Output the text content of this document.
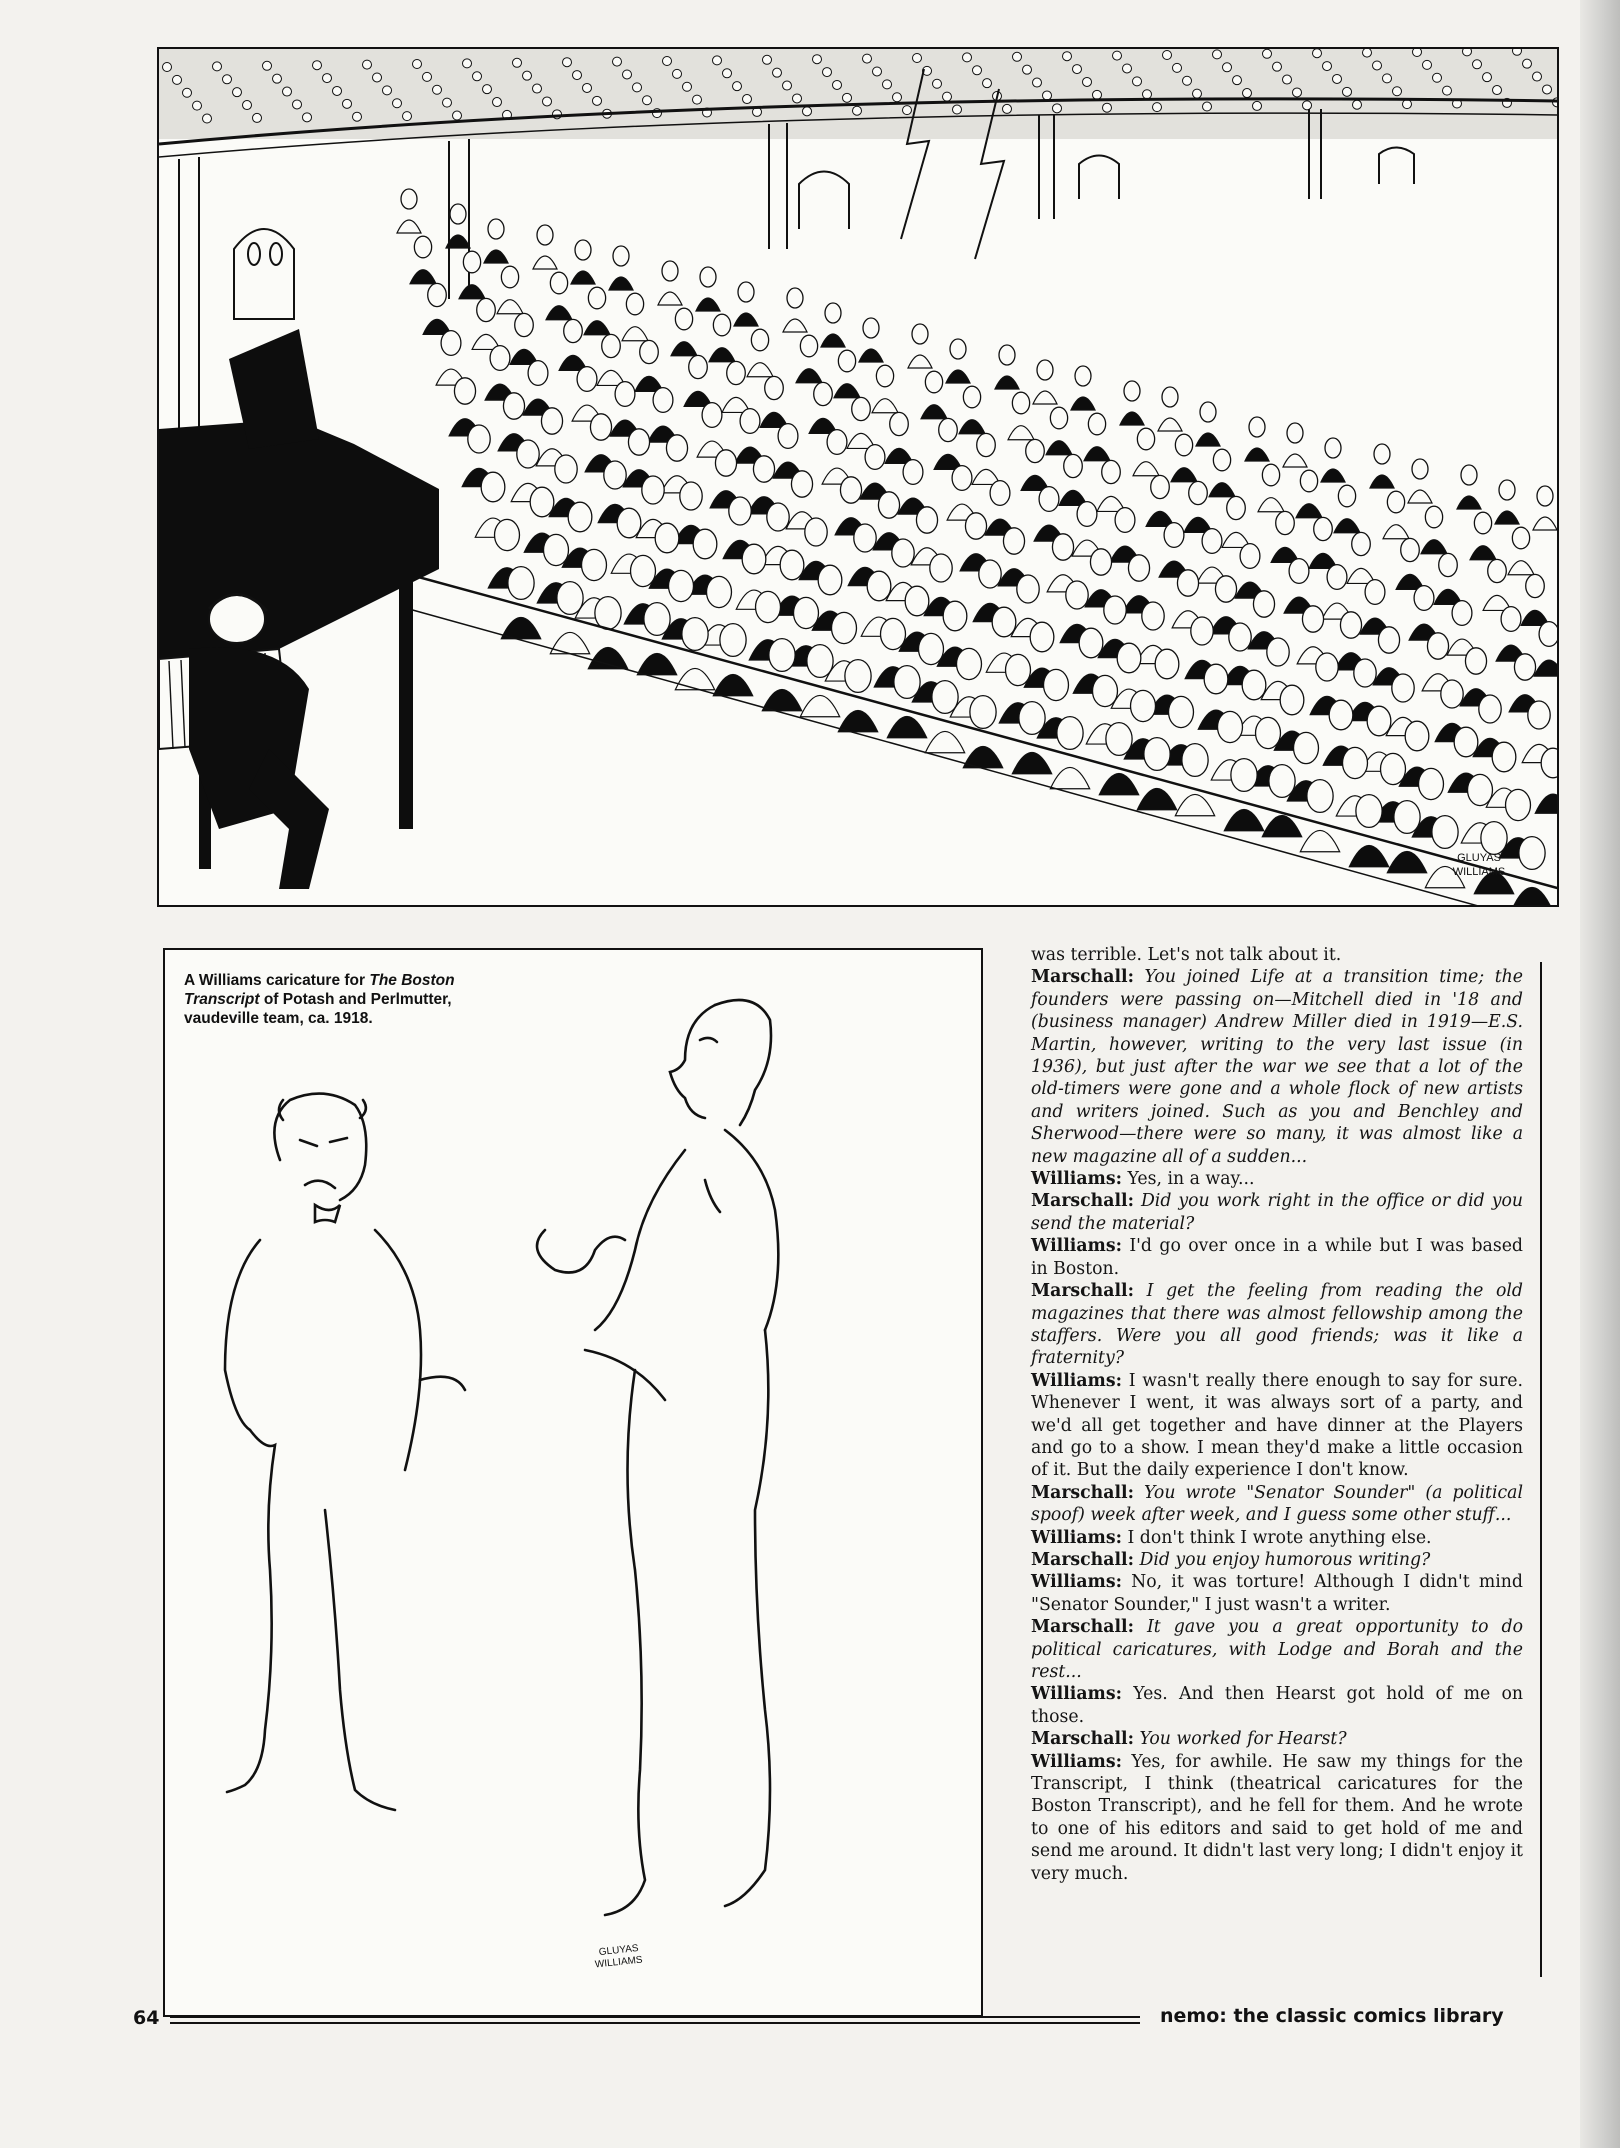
GLUYAS
WILLIAMS

A Williams caricature for The Boston Transcript of Potash and Perlmutter, vaudeville team, ca. 1918.

GLUYAS
WILLIAMS

was terrible. Let's not talk about it.

Marschall: You joined Life at a transition time; the founders were passing on—Mitchell died in '18 and (business manager) Andrew Miller died in 1919—E.S. Martin, however, writing to the very last issue (in 1936), but just after the war we see that a lot of the old-timers were gone and a whole flock of new artists and writers joined. Such as you and Benchley and Sherwood—there were so many, it was almost like a new magazine all of a sudden...

Williams: Yes, in a way...

Marschall: Did you work right in the office or did you send the material?

Williams: I'd go over once in a while but I was based in Boston.

Marschall: I get the feeling from reading the old magazines that there was almost fellowship among the staffers. Were you all good friends; was it like a fraternity?

Williams: I wasn't really there enough to say for sure. Whenever I went, it was always sort of a party, and we'd all get together and have dinner at the Players and go to a show. I mean they'd make a little occasion of it. But the daily experience I don't know.

Marschall: You wrote "Senator Sounder" (a political spoof) week after week, and I guess some other stuff...

Williams: I don't think I wrote anything else.

Marschall: Did you enjoy humorous writing?

Williams: No, it was torture! Although I didn't mind "Senator Sounder," I just wasn't a writer.

Marschall: It gave you a great opportunity to do political caricatures, with Lodge and Borah and the rest...

Williams: Yes. And then Hearst got hold of me on those.

Marschall: You worked for Hearst?

Williams: Yes, for awhile. He saw my things for the Transcript, I think (theatrical caricatures for the Boston Transcript), and he fell for them. And he wrote to one of his editors and said to get hold of me and send me around. It didn't last very long; I didn't enjoy it very much.

64	nemo: the classic comics library
